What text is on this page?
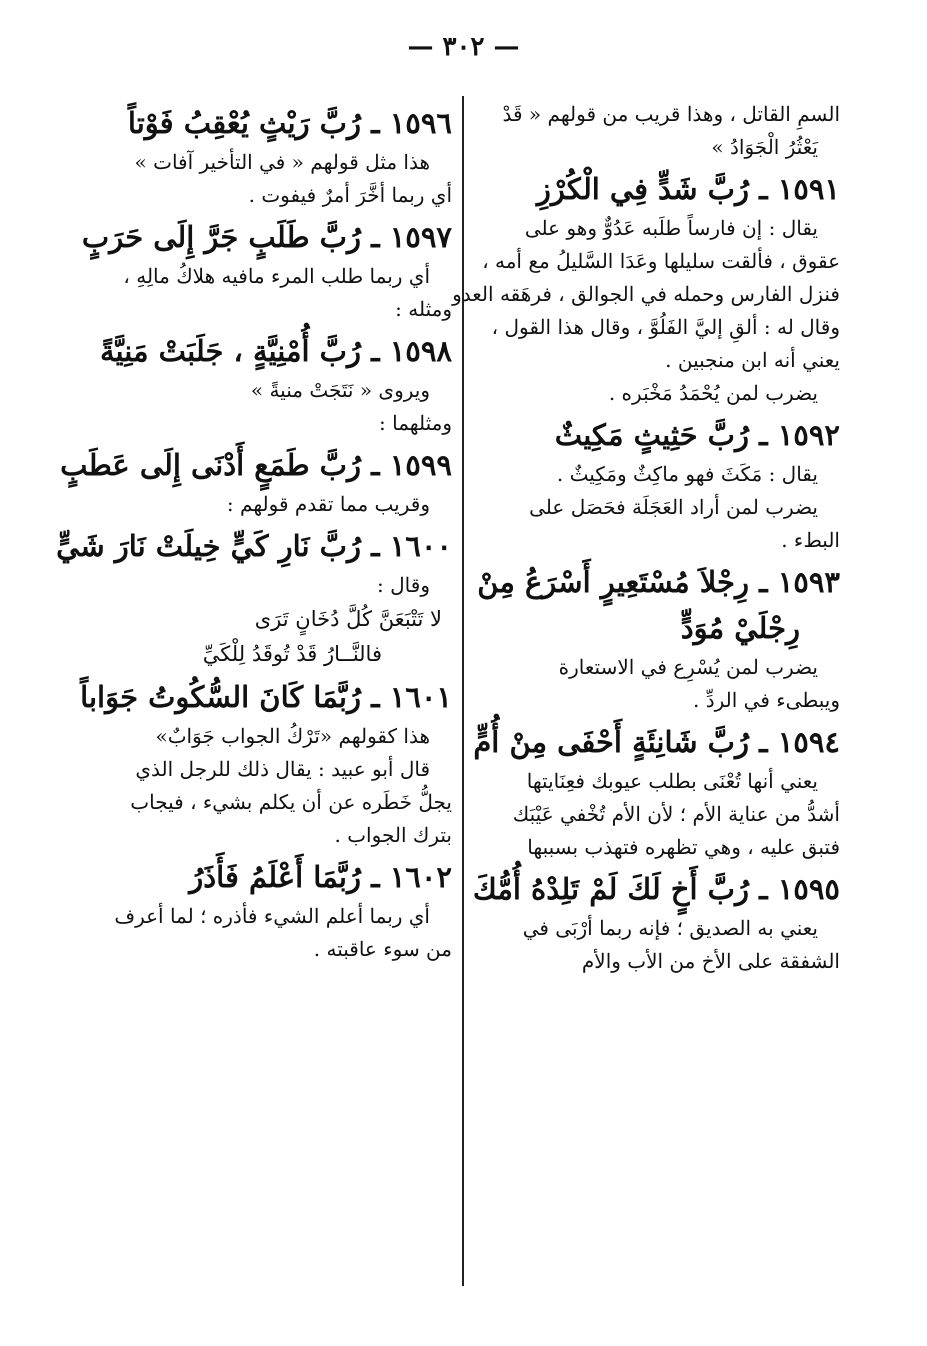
— ٣٠٢ —
السمِ القاتل ، وهذا قريب من قولهم « قَدْ
يَعْثُرُ الْجَوَادُ »
١٥٩١ ـ رُبَّ شَدٍّ فِي الْكُرْزِ
يقال : إن فارساً طلَبه عَدُوٌّ وهو على
عقوق ، فألقت سليلها وعَدَا السَّليلُ مع أمه ،
فنزل الفارس وحمله في الجوالق ، فرهَقه العدو
وقال له : ألقِ إليَّ الفَلُوَّ ، وقال هذا القول ،
يعني أنه ابن منجبين .
يضرب لمن يُحْمَدُ مَخْبَره .
١٥٩٢ ـ رُبَّ حَثِيثٍ مَكِيثٌ
يقال : مَكَثَ فهو ماكِثٌ ومَكِيثٌ .
يضرب لمن أراد العَجَلَة فحَصَل على
البطء .
١٥٩٣ ـ رِجْلاَ مُسْتَعِيرٍ أَسْرَعُ مِنْ
رِجْلَيْ مُوَدٍّ
يضرب لمن يُسْرِع في الاستعارة
ويبطىء في الردِّ .
١٥٩٤ ـ رُبَّ شَانِئَةٍ أَحْفَى مِنْ أُمٍّ
يعني أنها تُعْنَى بطلب عيوبك فعِنَايتها
أشدُّ من عناية الأم ؛ لأن الأم تُخْفي عَيْبَك
فتبق عليه ، وهي تظهره فتهذب بسببها
١٥٩٥ ـ رُبَّ أَخٍ لَكَ لَمْ تَلِدْهُ أُمُّكَ
يعني به الصديق ؛ فإنه ربما أرْبَى في
الشفقة على الأخ من الأب والأم
١٥٩٦ ـ رُبَّ رَيْثٍ يُعْقِبُ فَوْتاً
هذا مثل قولهم « في التأخير آفات »
أي ربما أخَّرَ أمرٌ فيفوت .
١٥٩٧ ـ رُبَّ طَلَبٍ جَرَّ إِلَى حَرَبٍ
أي ربما طلب المرء مافيه هلاكُ مالِهِ ،
ومثله :
١٥٩٨ ـ رُبَّ أُمْنِيَّةٍ ، جَلَبَتْ مَنِيَّةً
ويروى « نَتَجَتْ منيةً »
ومثلهما :
١٥٩٩ ـ رُبَّ طَمَعٍ أَدْنَى إِلَى عَطَبٍ
وقريب مما تقدم قولهم :
١٦٠٠ ـ رُبَّ نَارِ كَيٍّ خِيلَتْ نَارَ شَيٍّ
وقال :
لا تَتْبَعَنَّ كُلَّ دُخَانٍ تَرَى
فالنَّــارُ قَدْ تُوقَدُ لِلْكَيِّ
١٦٠١ ـ رُبَّمَا كَانَ السُّكُوتُ جَوَاباً
هذا كقولهم «تَرْكُ الجواب جَوَابٌ»
قال أبو عبيد : يقال ذلك للرجل الذي
يجلُّ خَطَره عن أن يكلم بشيء ، فيجاب
بترك الجواب .
١٦٠٢ ـ رُبَّمَا أَعْلَمُ فَأَذَرُ
أي ربما أعلم الشيء فأذره ؛ لما أعرف
من سوء عاقبته .
